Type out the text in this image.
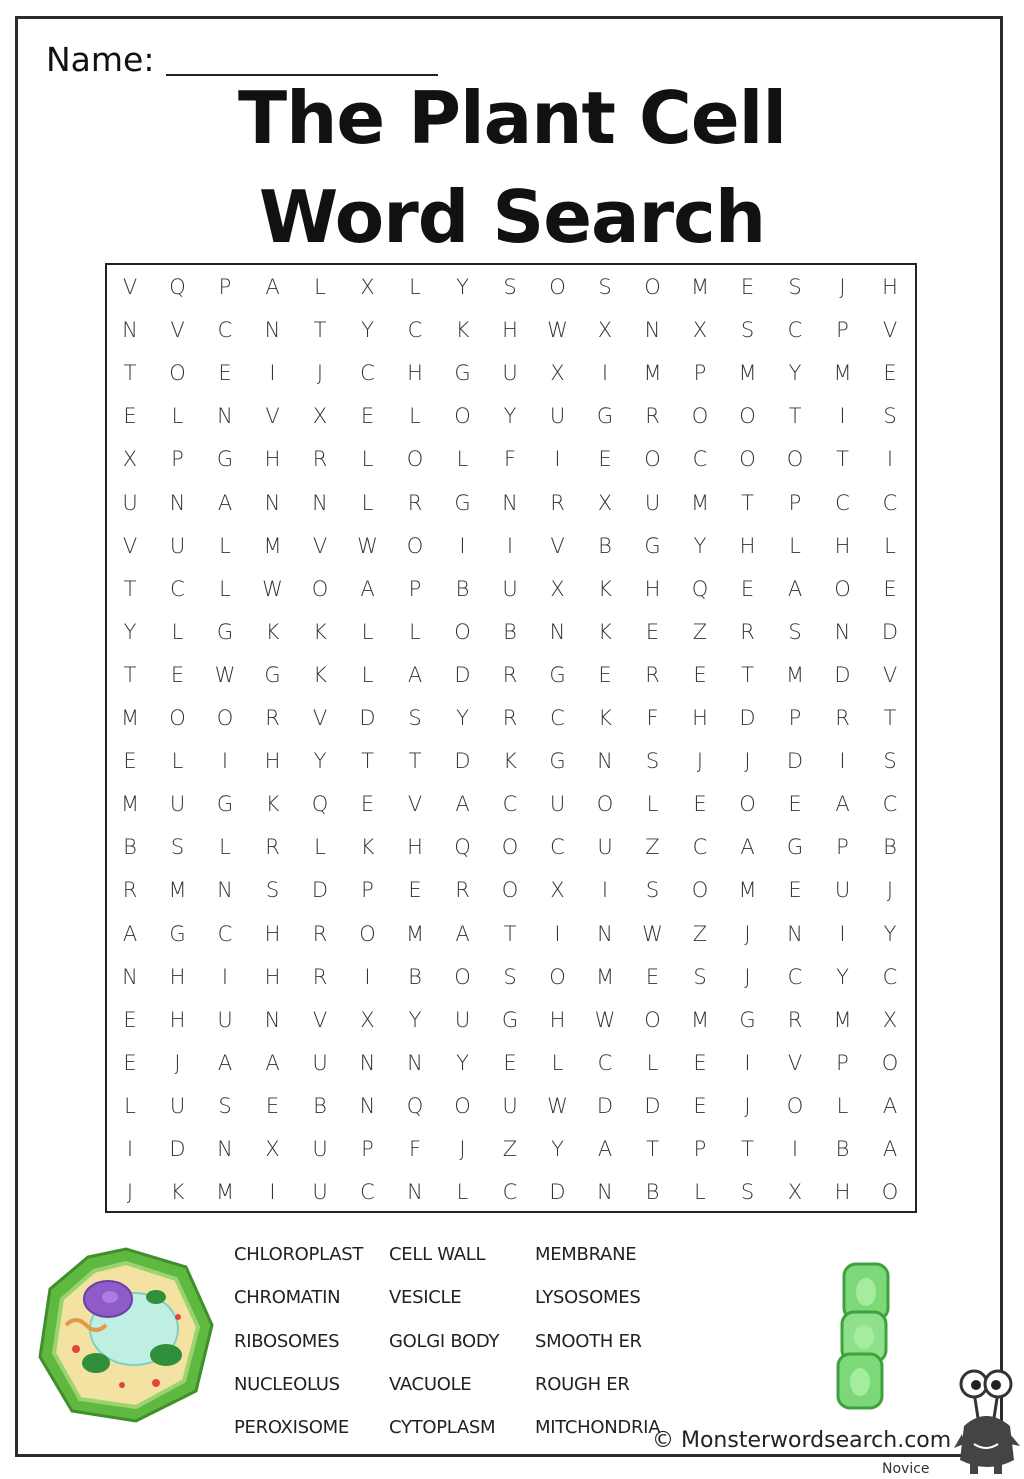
Name:
The Plant Cell
Word Search
V	Q	P	A	L	X	L	Y	S	O	S	O	M	E	S	J	H
N	V	C	N	T	Y	C	K	H	W	X	N	X	S	C	P	V
T	O	E	I	J	C	H	G	U	X	I	M	P	M	Y	M	E
E	L	N	V	X	E	L	O	Y	U	G	R	O	O	T	I	S
X	P	G	H	R	L	O	L	F	I	E	O	C	O	O	T	I
U	N	A	N	N	L	R	G	N	R	X	U	M	T	P	C	C
V	U	L	M	V	W	O	I	I	V	B	G	Y	H	L	H	L
T	C	L	W	O	A	P	B	U	X	K	H	Q	E	A	O	E
Y	L	G	K	K	L	L	O	B	N	K	E	Z	R	S	N	D
T	E	W	G	K	L	A	D	R	G	E	R	E	T	M	D	V
M	O	O	R	V	D	S	Y	R	C	K	F	H	D	P	R	T
E	L	I	H	Y	T	T	D	K	G	N	S	J	J	D	I	S
M	U	G	K	Q	E	V	A	C	U	O	L	E	O	E	A	C
B	S	L	R	L	K	H	Q	O	C	U	Z	C	A	G	P	B
R	M	N	S	D	P	E	R	O	X	I	S	O	M	E	U	J
A	G	C	H	R	O	M	A	T	I	N	W	Z	J	N	I	Y
N	H	I	H	R	I	B	O	S	O	M	E	S	J	C	Y	C
E	H	U	N	V	X	Y	U	G	H	W	O	M	G	R	M	X
E	J	A	A	U	N	N	Y	E	L	C	L	E	I	V	P	O
L	U	S	E	B	N	Q	O	U	W	D	D	E	J	O	L	A
I	D	N	X	U	P	F	J	Z	Y	A	T	P	T	I	B	A
J	K	M	I	U	C	N	L	C	D	N	B	L	S	X	H	O
CHLOROPLAST
CHROMATIN
RIBOSOMES
NUCLEOLUS
PEROXISOME
CELL WALL
VESICLE
GOLGI BODY
VACUOLE
CYTOPLASM
MEMBRANE
LYSOSOMES
SMOOTH ER
ROUGH ER
MITCHONDRIA
© Monsterwordsearch.com
Novice
